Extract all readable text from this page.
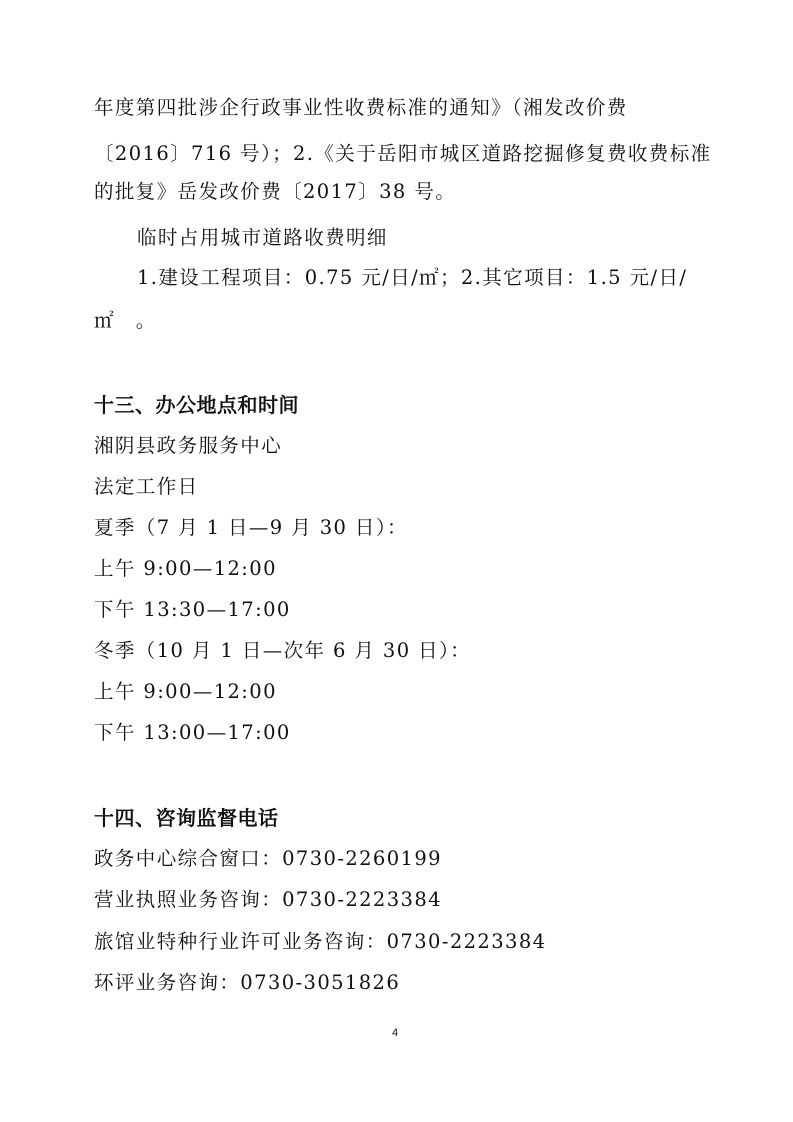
年度第四批涉企行政事业性收费标准的通知》（湘发改价费
〔2016〕716 号）；2.《关于岳阳市城区道路挖掘修复费收费标准
的批复》岳发改价费〔2017〕38 号。
临时占用城市道路收费明细
1.建设工程项目：0.75 元/日/㎡；2.其它项目：1.5 元/日/
㎡　。
十三、办公地点和时间
湘阴县政务服务中心
法定工作日
夏季（7 月 1 日—9 月 30 日）：
上午 9:00—12:00
下午 13:30—17:00
冬季（10 月 1 日—次年 6 月 30 日）：
上午 9:00—12:00
下午 13:00—17:00
十四、咨询监督电话
政务中心综合窗口：0730-2260199
营业执照业务咨询：0730-2223384
旅馆业特种行业许可业务咨询：0730-2223384
环评业务咨询：0730-3051826
4
